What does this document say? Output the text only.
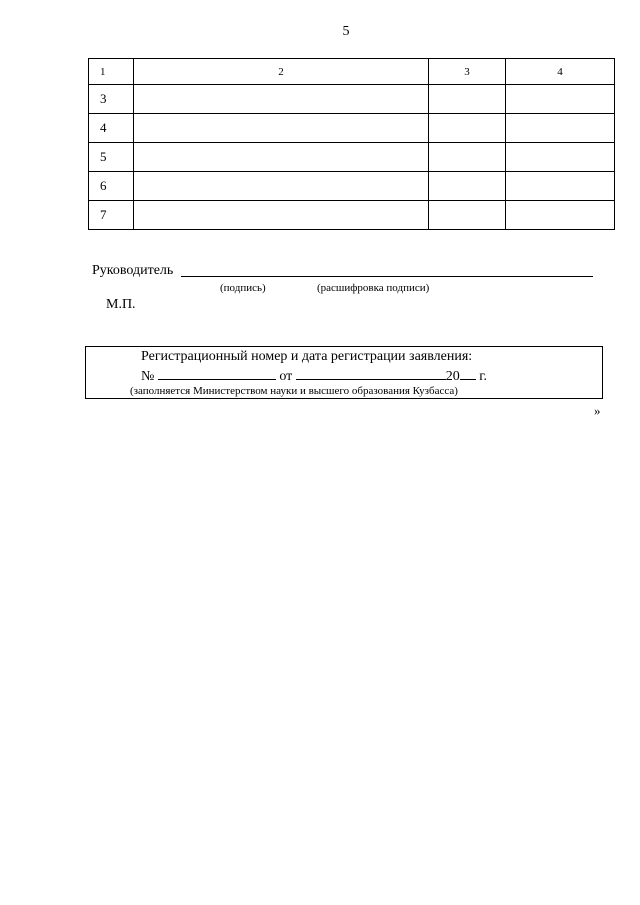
5
1	2	3	4
3			
4			
5			
6			
7			
Руководитель
(подпись)	(расшифровка подписи)
М.П.
Регистрационный номер и дата регистрации заявления:
№	от	20 г.
(заполняется Министерством науки и высшего образования Кузбасса)
»
